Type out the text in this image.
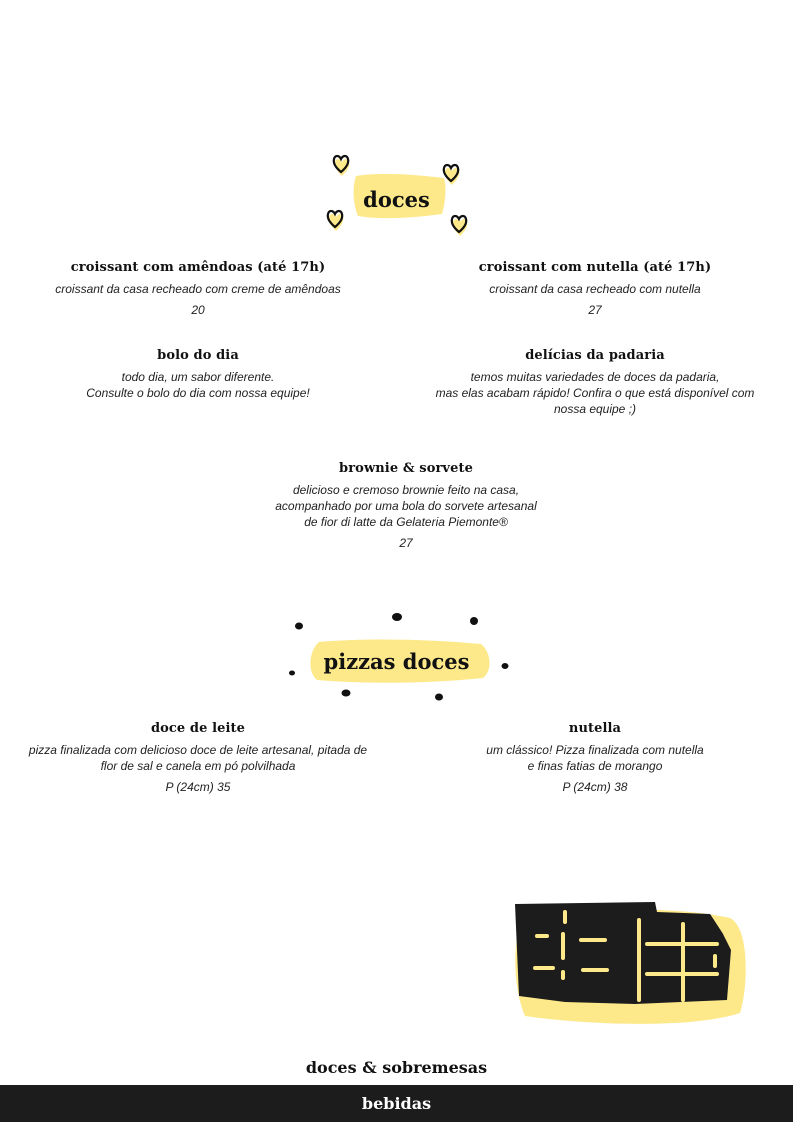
doces
croissant com amêndoas (até 17h)
croissant da casa recheado com creme de amêndoas
20
croissant com nutella (até 17h)
croissant da casa recheado com nutella
27
bolo do dia
todo dia, um sabor diferente.
Consulte o bolo do dia com nossa equipe!
delícias da padaria
temos muitas variedades de doces da padaria,
mas elas acabam rápido! Confira o que está disponível com
nossa equipe ;)
brownie & sorvete
delicioso e cremoso brownie feito na casa,
acompanhado por uma bola do sorvete artesanal
de fior di latte da Gelateria Piemonte®
27
pizzas doces
doce de leite
pizza finalizada com delicioso doce de leite artesanal, pitada de
flor de sal e canela em pó polvilhada
P (24cm) 35
nutella
um clássico! Pizza finalizada com nutella
e finas fatias de morango
P (24cm) 38
doces & sobremesas
bebidas
